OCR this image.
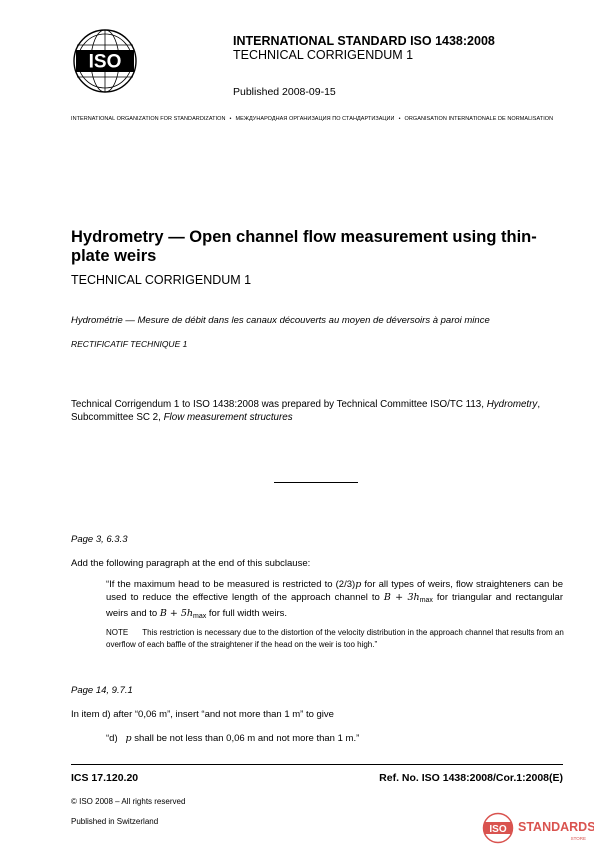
ISO
INTERNATIONAL STANDARD ISO 1438:2008
TECHNICAL CORRIGENDUM 1
Published 2008-09-15
INTERNATIONAL ORGANIZATION FOR STANDARDIZATION • МЕЖДУНАРОДНАЯ ОРГАНИЗАЦИЯ ПО СТАНДАРТИЗАЦИИ • ORGANISATION INTERNATIONALE DE NORMALISATION
Hydrometry — Open channel flow measurement using thin-plate weirs
TECHNICAL CORRIGENDUM 1
Hydrométrie — Mesure de débit dans les canaux découverts au moyen de déversoirs à paroi mince
RECTIFICATIF TECHNIQUE 1
Technical Corrigendum 1 to ISO 1438:2008 was prepared by Technical Committee ISO/TC 113, Hydrometry, Subcommittee SC 2, Flow measurement structures
Page 3, 6.3.3
Add the following paragraph at the end of this subclause:
“If the maximum head to be measured is restricted to (2/3)p for all types of weirs, flow straighteners can be used to reduce the effective length of the approach channel to $B + 3h_{max}$ for triangular and rectangular weirs and to $B + 5h_{max}$ for full width weirs.
NOTE This restriction is necessary due to the distortion of the velocity distribution in the approach channel that results from an overflow of each baffle of the straightener if the head on the weir is too high.”
Page 14, 9.7.1
In item d) after “0,06 m”, insert “and not more than 1 m” to give
“d) p shall be not less than 0,06 m and not more than 1 m.”
ICS 17.120.20	Ref. No. ISO 1438:2008/Cor.1:2008(E)
© ISO 2008 – All rights reserved
Published in Switzerland
ISO STANDARDS
STORE
